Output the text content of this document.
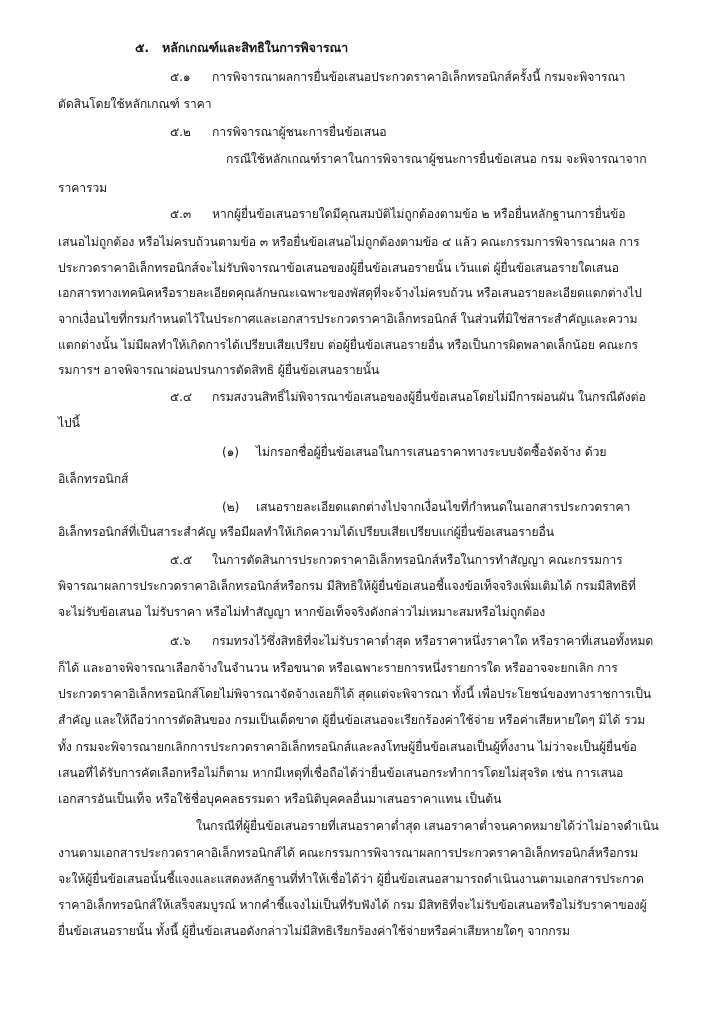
๕. หลักเกณฑ์และสิทธิในการพิจารณา
๕.๑ การพิจารณาผลการยื่นข้อเสนอประกวดราคาอิเล็กทรอนิกส์ครั้งนี้ กรมจะพิจารณา
ตัดสินโดยใช้หลักเกณฑ์ ราคา
๕.๒ การพิจารณาผู้ชนะการยื่นข้อเสนอ
กรณีใช้หลักเกณฑ์ราคาในการพิจารณาผู้ชนะการยื่นข้อเสนอ กรม จะพิจารณาจาก
ราคารวม
๕.๓ หากผู้ยื่นข้อเสนอรายใดมีคุณสมบัติไม่ถูกต้องตามข้อ ๒ หรือยื่นหลักฐานการยื่นข้อ
เสนอไม่ถูกต้อง หรือไม่ครบถ้วนตามข้อ ๓ หรือยื่นข้อเสนอไม่ถูกต้องตามข้อ ๔ แล้ว คณะกรรมการพิจารณาผล การ
ประกวดราคาอิเล็กทรอนิกส์จะไม่รับพิจารณาข้อเสนอของผู้ยื่นข้อเสนอรายนั้น เว้นแต่ ผู้ยื่นข้อเสนอรายใดเสนอ
เอกสารทางเทคนิคหรือรายละเอียดคุณลักษณะเฉพาะของพัสดุที่จะจ้างไม่ครบถ้วน หรือเสนอรายละเอียดแตกต่างไป
จากเงื่อนไขที่กรมกำหนดไว้ในประกาศและเอกสารประกวดราคาอิเล็กทรอนิกส์ ในส่วนที่มิใช่สาระสำคัญและความ
แตกต่างนั้น ไม่มีผลทำให้เกิดการได้เปรียบเสียเปรียบ ต่อผู้ยื่นข้อเสนอรายอื่น หรือเป็นการผิดพลาดเล็กน้อย คณะกร
รมการฯ อาจพิจารณาผ่อนปรนการตัดสิทธิ ผู้ยื่นข้อเสนอรายนั้น
๕.๔ กรมสงวนสิทธิ์ไม่พิจารณาข้อเสนอของผู้ยื่นข้อเสนอโดยไม่มีการผ่อนผัน ในกรณีดังต่อ
ไปนี้
(๑) ไม่กรอกชื่อผู้ยื่นข้อเสนอในการเสนอราคาทางระบบจัดซื้อจัดจ้าง ด้วย
อิเล็กทรอนิกส์
(๒) เสนอรายละเอียดแตกต่างไปจากเงื่อนไขที่กำหนดในเอกสารประกวดราคา
อิเล็กทรอนิกส์ที่เป็นสาระสำคัญ หรือมีผลทำให้เกิดความได้เปรียบเสียเปรียบแก่ผู้ยื่นข้อเสนอรายอื่น
๕.๕ ในการตัดสินการประกวดราคาอิเล็กทรอนิกส์หรือในการทำสัญญา คณะกรรมการ
พิจารณาผลการประกวดราคาอิเล็กทรอนิกส์หรือกรม มีสิทธิให้ผู้ยื่นข้อเสนอชี้แจงข้อเท็จจริงเพิ่มเติมได้ กรมมีสิทธิที่
จะไม่รับข้อเสนอ ไม่รับราคา หรือไม่ทำสัญญา หากข้อเท็จจริงดังกล่าวไม่เหมาะสมหรือไม่ถูกต้อง
๕.๖ กรมทรงไว้ซึ่งสิทธิที่จะไม่รับราคาต่ำสุด หรือราคาหนึ่งราคาใด หรือราคาที่เสนอทั้งหมด
ก็ได้ และอาจพิจารณาเลือกจ้างในจำนวน หรือขนาด หรือเฉพาะรายการหนึ่งรายการใด หรืออาจจะยกเลิก การ
ประกวดราคาอิเล็กทรอนิกส์โดยไม่พิจารณาจัดจ้างเลยก็ได้ สุดแต่จะพิจารณา ทั้งนี้ เพื่อประโยชน์ของทางราชการเป็น
สำคัญ และให้ถือว่าการตัดสินของ กรมเป็นเด็ดขาด ผู้ยื่นข้อเสนอจะเรียกร้องค่าใช้จ่าย หรือค่าเสียหายใดๆ มิได้ รวม
ทั้ง กรมจะพิจารณายกเลิกการประกวดราคาอิเล็กทรอนิกส์และลงโทษผู้ยื่นข้อเสนอเป็นผู้ทิ้งงาน ไม่ว่าจะเป็นผู้ยื่นข้อ
เสนอที่ได้รับการคัดเลือกหรือไม่ก็ตาม หากมีเหตุที่เชื่อถือได้ว่ายื่นข้อเสนอกระทำการโดยไม่สุจริต เช่น การเสนอ
เอกสารอันเป็นเท็จ หรือใช้ชื่อบุคคลธรรมดา หรือนิติบุคคลอื่นมาเสนอราคาแทน เป็นต้น
ในกรณีที่ผู้ยื่นข้อเสนอรายที่เสนอราคาต่ำสุด เสนอราคาต่ำจนคาดหมายได้ว่าไม่อาจดำเนิน
งานตามเอกสารประกวดราคาอิเล็กทรอนิกส์ได้ คณะกรรมการพิจารณาผลการประกวดราคาอิเล็กทรอนิกส์หรือกรม
จะให้ผู้ยื่นข้อเสนอนั้นชี้แจงและแสดงหลักฐานที่ทำให้เชื่อได้ว่า ผู้ยื่นข้อเสนอสามารถดำเนินงานตามเอกสารประกวด
ราคาอิเล็กทรอนิกส์ให้เสร็จสมบูรณ์ หากคำชี้แจงไม่เป็นที่รับฟังได้ กรม มีสิทธิที่จะไม่รับข้อเสนอหรือไม่รับราคาของผู้
ยื่นข้อเสนอรายนั้น ทั้งนี้ ผู้ยื่นข้อเสนอดังกล่าวไม่มีสิทธิเรียกร้องค่าใช้จ่ายหรือค่าเสียหายใดๆ จากกรม
